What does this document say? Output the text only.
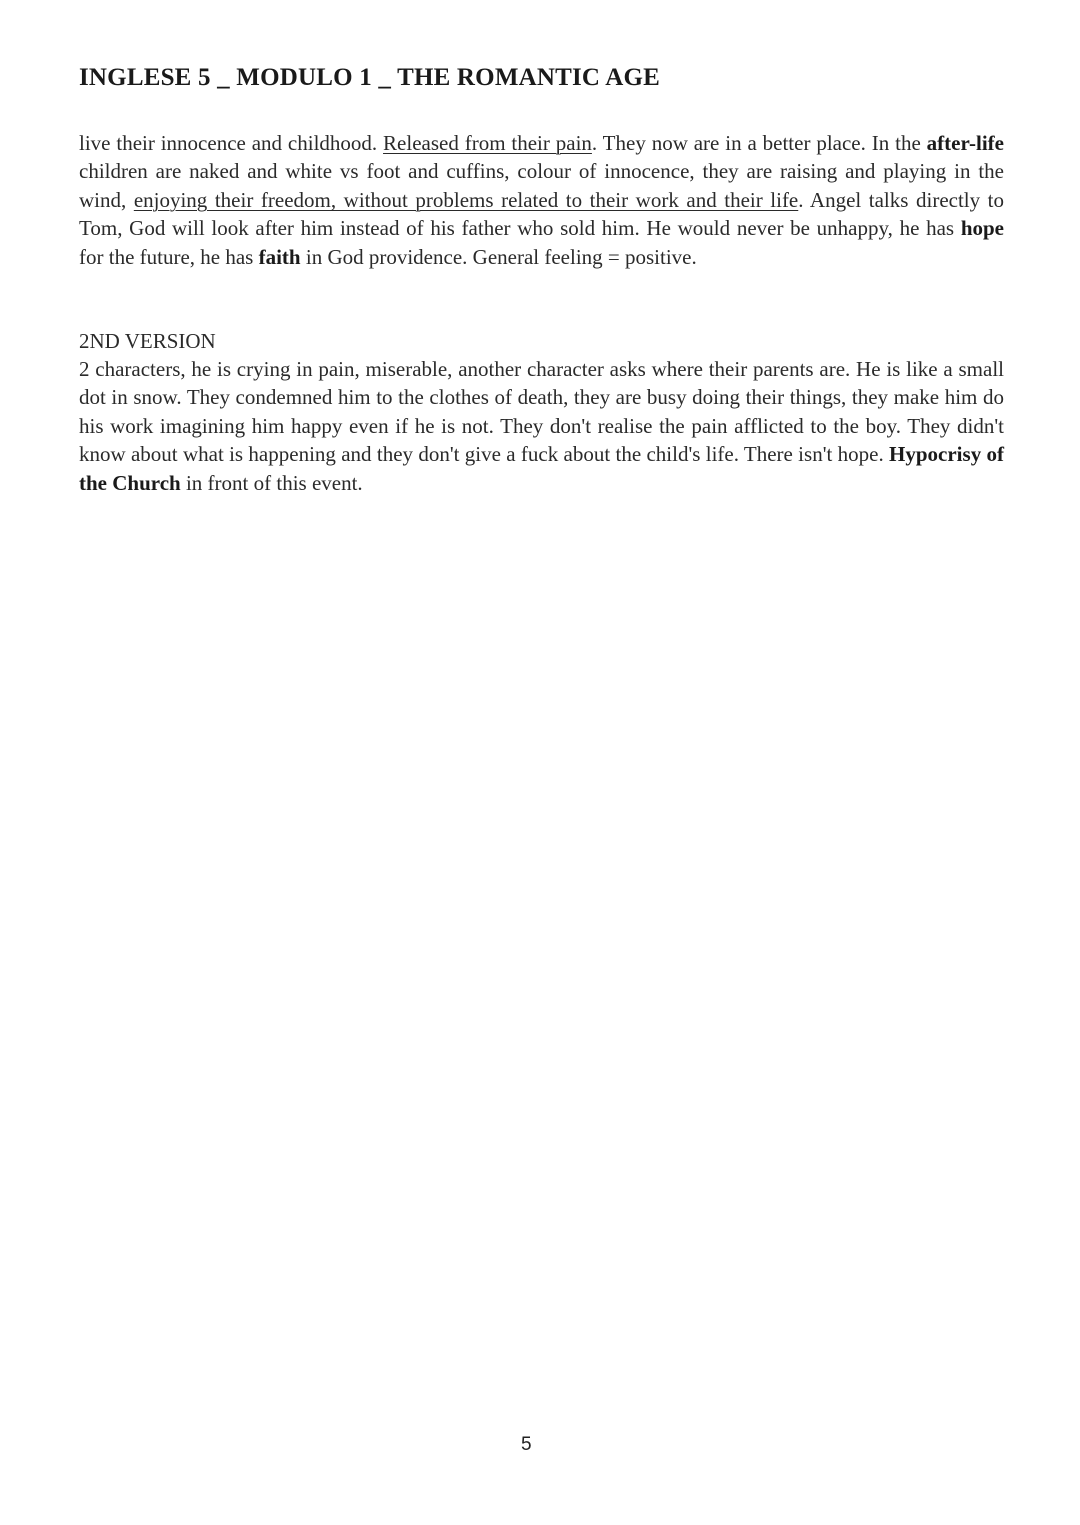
INGLESE 5 _ MODULO 1 _ THE ROMANTIC AGE

live their innocence and childhood. Released from their pain. They now are in a better place. In the after-life children are naked and white vs foot and cuffins, colour of innocence, they are raising and playing in the wind, enjoying their freedom, without problems related to their work and their life. Angel talks directly to Tom, God will look after him instead of his father who sold him. He would never be unhappy, he has hope for the future, he has faith in God providence. General feeling = positive.

2ND VERSION

2 characters, he is crying in pain, miserable, another character asks where their parents are. He is like a small dot in snow. They condemned him to the clothes of death, they are busy doing their things, they make him do his work imagining him happy even if he is not. They don't realise the pain afflicted to the boy. They didn't know about what is happening and they don't give a fuck about the child's life. There isn't hope. Hypocrisy of the Church in front of this event.

5
